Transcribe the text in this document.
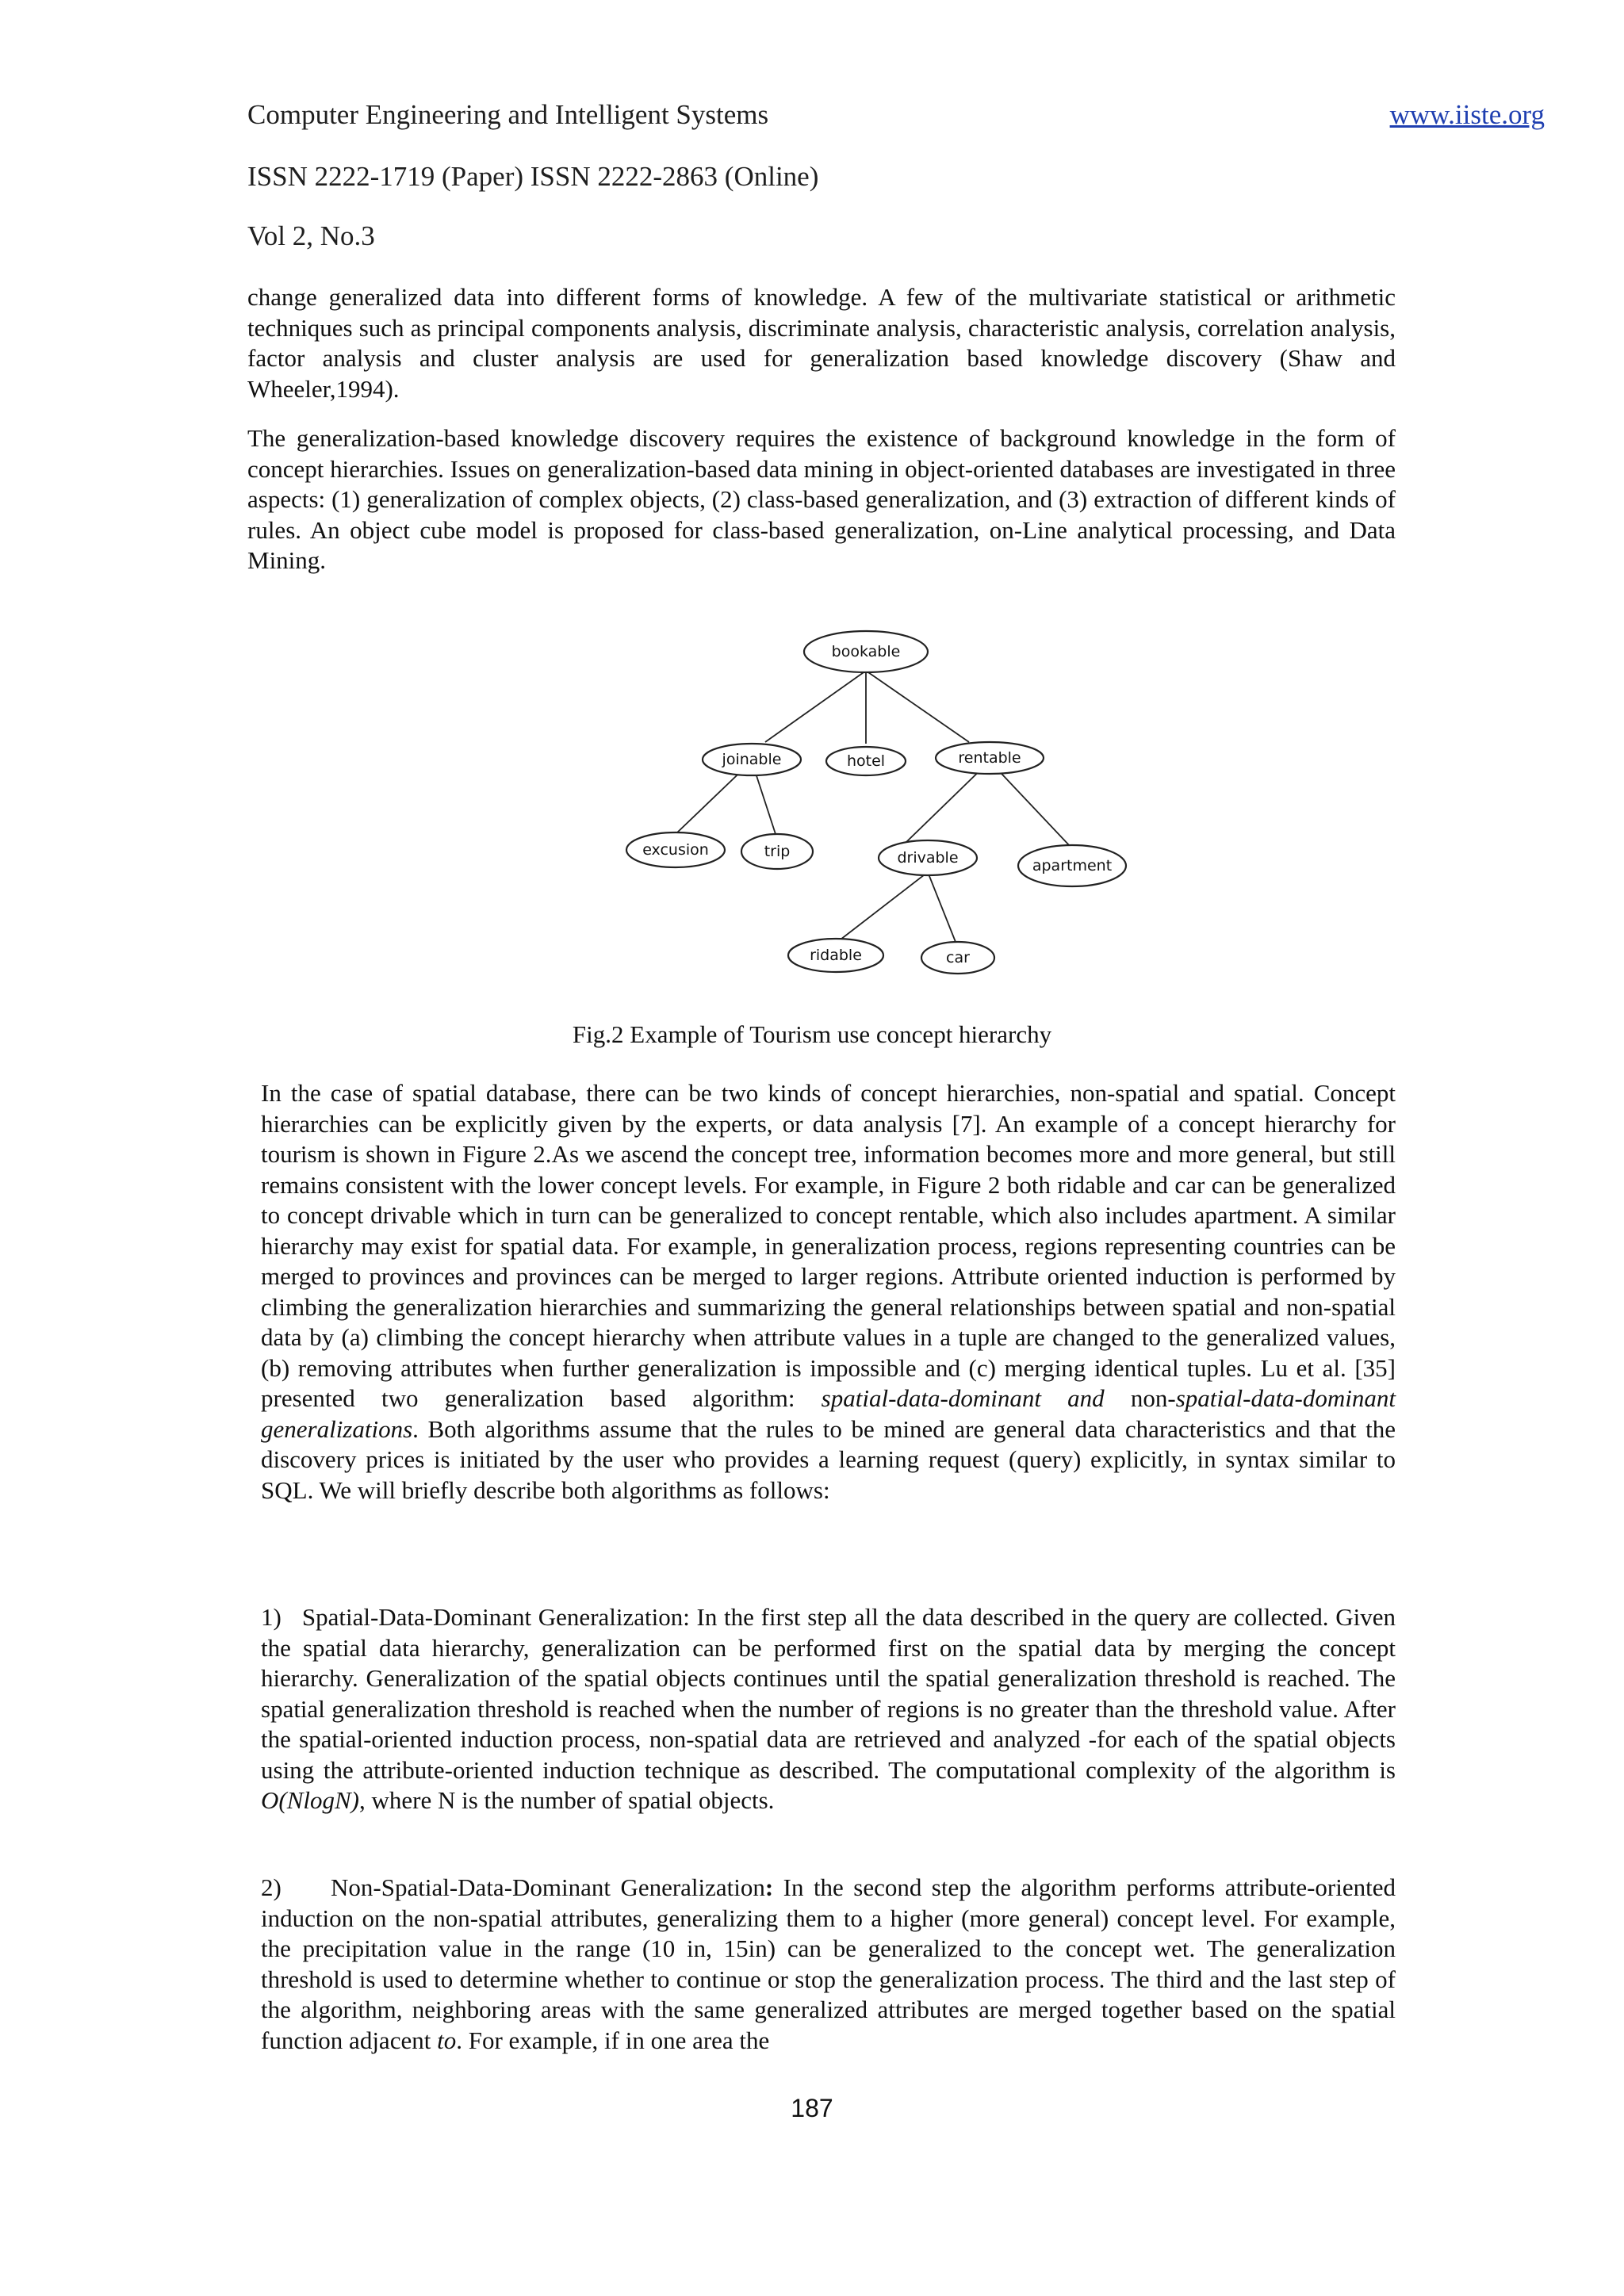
Computer Engineering and Intelligent Systems	www.iiste.org
ISSN 2222-1719 (Paper) ISSN 2222-2863 (Online)
Vol 2, No.3

change generalized data into different forms of knowledge. A few of the multivariate statistical or arithmetic techniques such as principal components analysis, discriminate analysis, characteristic analysis, correlation analysis, factor analysis and cluster analysis are used for generalization based knowledge discovery (Shaw and Wheeler,1994).

The generalization-based knowledge discovery requires the existence of background knowledge in the form of concept hierarchies. Issues on generalization-based data mining in object-oriented databases are investigated in three aspects: (1) generalization of complex objects, (2) class-based generalization, and (3) extraction of different kinds of rules. An object cube model is proposed for class-based generalization, on-Line analytical processing, and Data Mining.

bookable
joinable	hotel	rentable
excusion	trip	drivable	apartment
ridable	car
Fig.2 Example of Tourism use concept hierarchy

In the case of spatial database, there can be two kinds of concept hierarchies, non-spatial and spatial. Concept hierarchies can be explicitly given by the experts, or data analysis [7]. An example of a concept hierarchy for tourism is shown in Figure 2.As we ascend the concept tree, information becomes more and more general, but still remains consistent with the lower concept levels. For example, in Figure 2 both ridable and car can be generalized to concept drivable which in turn can be generalized to concept rentable, which also includes apartment. A similar hierarchy may exist for spatial data. For example, in generalization process, regions representing countries can be merged to provinces and provinces can be merged to larger regions. Attribute oriented induction is performed by climbing the generalization hierarchies and summarizing the general relationships between spatial and non-spatial data by (a) climbing the concept hierarchy when attribute values in a tuple are changed to the generalized values, (b) removing attributes when further generalization is impossible and (c) merging identical tuples. Lu et al. [35] presented two generalization based algorithm: spatial-data-dominant and non-spatial-data-dominant generalizations. Both algorithms assume that the rules to be mined are general data characteristics and that the discovery prices is initiated by the user who provides a learning request (query) explicitly, in syntax similar to SQL. We will briefly describe both algorithms as follows:

1)   Spatial-Data-Dominant Generalization: In the first step all the data described in the query are collected. Given the spatial data hierarchy, generalization can be performed first on the spatial data by merging the concept hierarchy. Generalization of the spatial objects continues until the spatial generalization threshold is reached. The spatial generalization threshold is reached when the number of regions is no greater than the threshold value. After the spatial-oriented induction process, non-spatial data are retrieved and analyzed -for each of the spatial objects using the attribute-oriented induction technique as described. The computational complexity of the algorithm is O(NlogN), where N is the number of spatial objects.

2)     Non-Spatial-Data-Dominant Generalization: In the second step the algorithm performs attribute-oriented induction on the non-spatial attributes, generalizing them to a higher (more general) concept level. For example, the precipitation value in the range (10 in, 15in) can be generalized to the concept wet. The generalization threshold is used to determine whether to continue or stop the generalization process. The third and the last step of the algorithm, neighboring areas with the same generalized attributes are merged together based on the spatial function adjacent to. For example, if in one area the

187
